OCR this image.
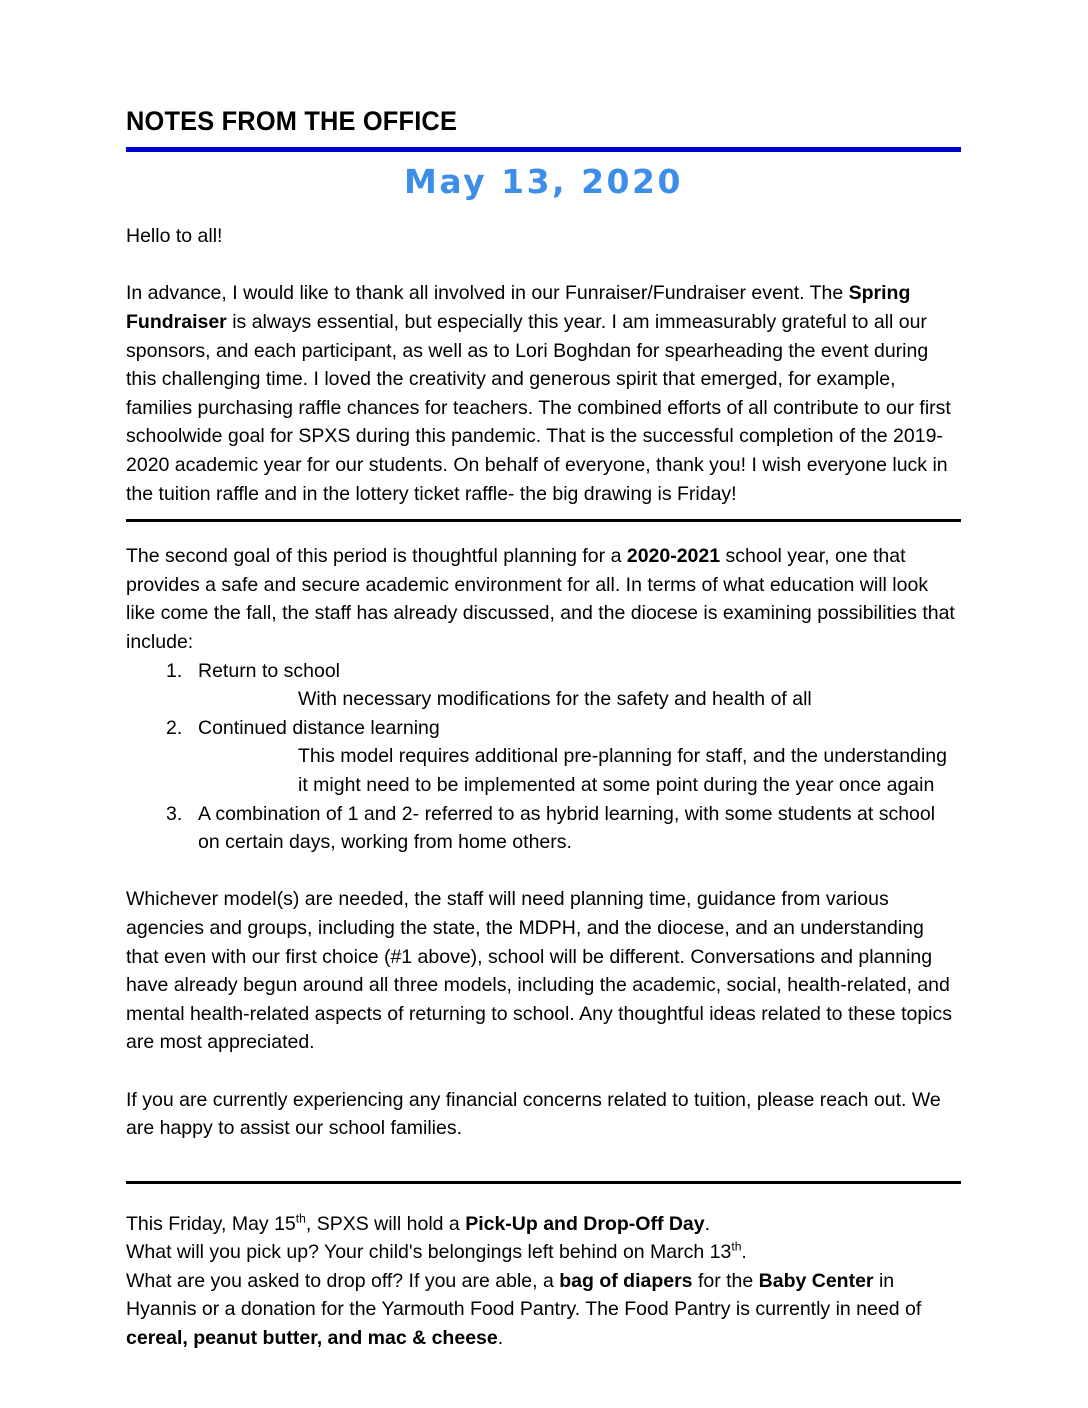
NOTES FROM THE OFFICE
May 13, 2020

Hello to all!

In advance, I would like to thank all involved in our Funraiser/Fundraiser event. The Spring Fundraiser is always essential, but especially this year. I am immeasurably grateful to all our sponsors, and each participant, as well as to Lori Boghdan for spearheading the event during this challenging time. I loved the creativity and generous spirit that emerged, for example, families purchasing raffle chances for teachers. The combined efforts of all contribute to our first schoolwide goal for SPXS during this pandemic. That is the successful completion of the 2019-2020 academic year for our students. On behalf of everyone, thank you! I wish everyone luck in the tuition raffle and in the lottery ticket raffle- the big drawing is Friday!

The second goal of this period is thoughtful planning for a 2020-2021 school year, one that provides a safe and secure academic environment for all. In terms of what education will look like come the fall, the staff has already discussed, and the diocese is examining possibilities that include:

Return to school
With necessary modifications for the safety and health of all
Continued distance learning
This model requires additional pre-planning for staff, and the understanding it might need to be implemented at some point during the year once again
A combination of 1 and 2- referred to as hybrid learning, with some students at school on certain days, working from home others.

Whichever model(s) are needed, the staff will need planning time, guidance from various agencies and groups, including the state, the MDPH, and the diocese, and an understanding that even with our first choice (#1 above), school will be different. Conversations and planning have already begun around all three models, including the academic, social, health-related, and mental health-related aspects of returning to school. Any thoughtful ideas related to these topics are most appreciated.

If you are currently experiencing any financial concerns related to tuition, please reach out. We are happy to assist our school families.

This Friday, May 15th, SPXS will hold a Pick-Up and Drop-Off Day.

What will you pick up? Your child's belongings left behind on March 13th.

What are you asked to drop off? If you are able, a bag of diapers for the Baby Center in Hyannis or a donation for the Yarmouth Food Pantry. The Food Pantry is currently in need of cereal, peanut butter, and mac & cheese.
